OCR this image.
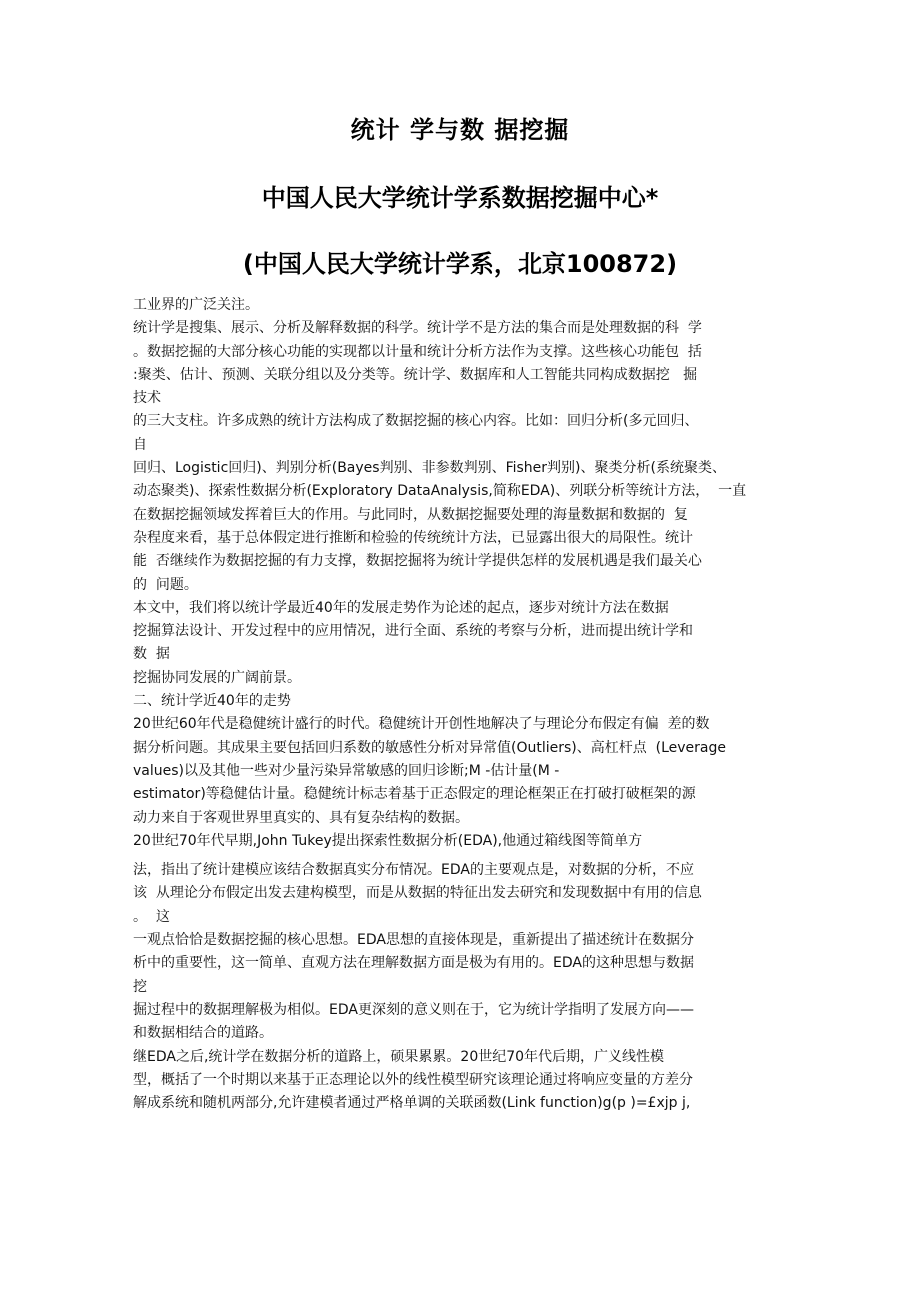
统计 学与数 据挖掘
中国人民大学统计学系数据挖掘中心*
(中国人民大学统计学系，北京100872)
工业界的广泛关注。
统计学是搜集、展示、分析及解释数据的科学。统计学不是方法的集合而是处理数据的科  学
。数据挖掘的大部分核心功能的实现都以计量和统计分析方法作为支撑。这些核心功能包  括
:聚类、估计、预测、关联分组以及分类等。统计学、数据库和人工智能共同构成数据挖   掘
技术
的三大支柱。许多成熟的统计方法构成了数据挖掘的核心内容。比如：回归分析(多元回归、
自
回归、Logistic回归)、判别分析(Bayes判别、非参数判别、Fisher判别)、聚类分析(系统聚类、
动态聚类)、探索性数据分析(Exploratory DataAnalysis,简称EDA)、列联分析等统计方法，  一直
在数据挖掘领域发挥着巨大的作用。与此同时，从数据挖掘要处理的海量数据和数据的  复
杂程度来看，基于总体假定进行推断和检验的传统统计方法，已显露出很大的局限性。统计
能  否继续作为数据挖掘的有力支撑，数据挖掘将为统计学提供怎样的发展机遇是我们最关心
的  问题。
本文中，我们将以统计学最近40年的发展走势作为论述的起点，逐步对统计方法在数据
挖掘算法设计、开发过程中的应用情况，进行全面、系统的考察与分析，进而提出统计学和
数  据
挖掘协同发展的广阔前景。
二、统计学近40年的走势
20世纪60年代是稳健统计盛行的时代。稳健统计开创性地解决了与理论分布假定有偏  差的数
据分析问题。其成果主要包括回归系数的敏感性分析对异常值(Outliers)、高杠杆点  (Leverage
values)以及其他一些对少量污染异常敏感的回归诊断;M -估计量(M -
estimator)等稳健估计量。稳健统计标志着基于正态假定的理论框架正在打破打破框架的源
动力来自于客观世界里真实的、具有复杂结构的数据。
20世纪70年代早期,John Tukey提出探索性数据分析(EDA),他通过箱线图等简单方
法，指出了统计建模应该结合数据真实分布情况。EDA的主要观点是，对数据的分析，不应
该  从理论分布假定出发去建构模型，而是从数据的特征出发去研究和发现数据中有用的信息
。  这
一观点恰恰是数据挖掘的核心思想。EDA思想的直接体现是，重新提出了描述统计在数据分
析中的重要性，这一简单、直观方法在理解数据方面是极为有用的。EDA的这种思想与数据
挖
掘过程中的数据理解极为相似。EDA更深刻的意义则在于，它为统计学指明了发展方向——
和数据相结合的道路。
继EDA之后,统计学在数据分析的道路上，硕果累累。20世纪70年代后期，广义线性模
型，概括了一个时期以来基于正态理论以外的线性模型研究该理论通过将响应变量的方差分
解成系统和随机两部分,允许建模者通过严格单调的关联函数(Link function)g(p )=£xjp j,
